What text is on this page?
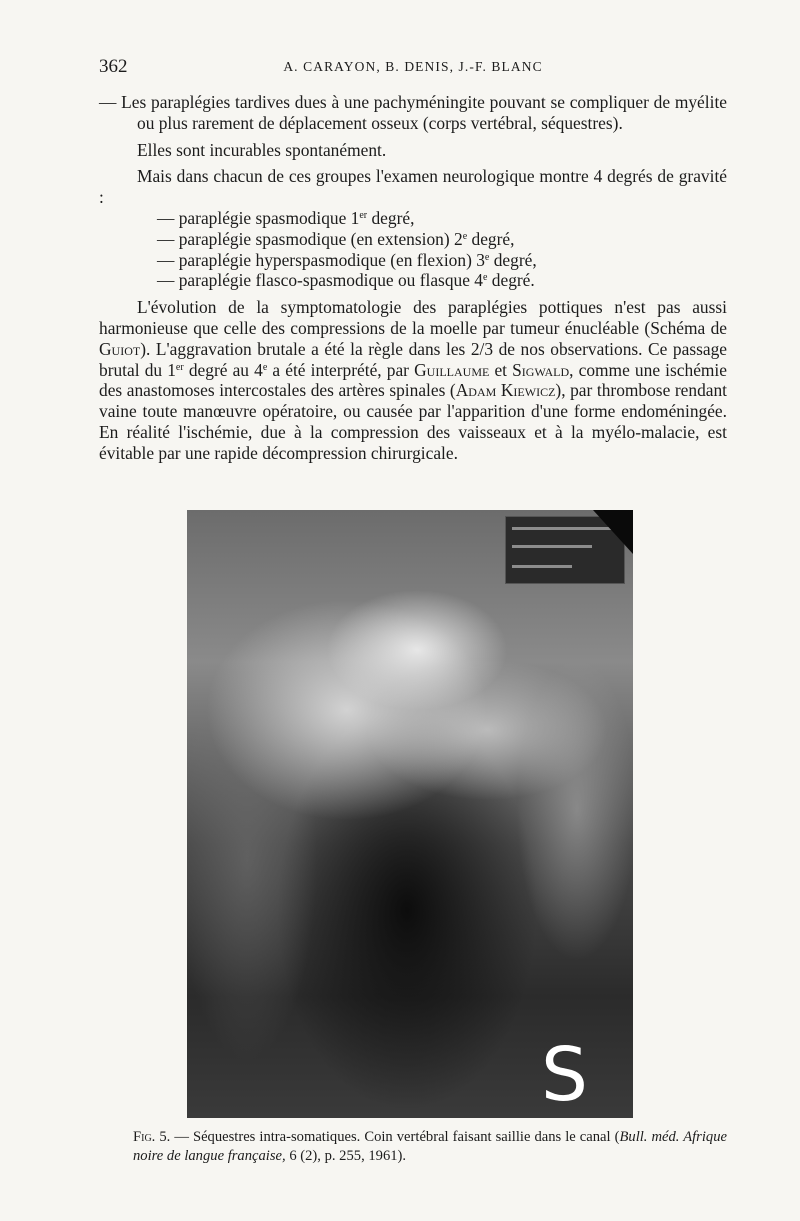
362	A. CARAYON, B. DENIS, J.-F. BLANC

— Les paraplégies tardives dues à une pachyméningite pouvant se compliquer de myélite ou plus rarement de déplacement osseux (corps vertébral, séquestres).

Elles sont incurables spontanément.

Mais dans chacun de ces groupes l'examen neurologique montre 4 degrés de gravité :

— paraplégie spasmodique 1er degré,
— paraplégie spasmodique (en extension) 2e degré,
— paraplégie hyperspasmodique (en flexion) 3e degré,
— paraplégie flasco-spasmodique ou flasque 4e degré.

L'évolution de la symptomatologie des paraplégies pottiques n'est pas aussi harmonieuse que celle des compressions de la moelle par tumeur énucléable (Schéma de Guiot). L'aggravation brutale a été la règle dans les 2/3 de nos observations. Ce passage brutal du 1er degré au 4e a été interprété, par Guillaume et Sigwald, comme une ischémie des anastomoses intercostales des artères spinales (Adam Kiewicz), par thrombose rendant vaine toute manœuvre opératoire, ou causée par l'apparition d'une forme endoméningée. En réalité l'ischémie, due à la compression des vaisseaux et à la myélo-malacie, est évitable par une rapide décompression chirurgicale.

S

Fig. 5. — Séquestres intra-somatiques. Coin vertébral faisant saillie dans le canal (Bull. méd. Afrique noire de langue française, 6 (2), p. 255, 1961).
